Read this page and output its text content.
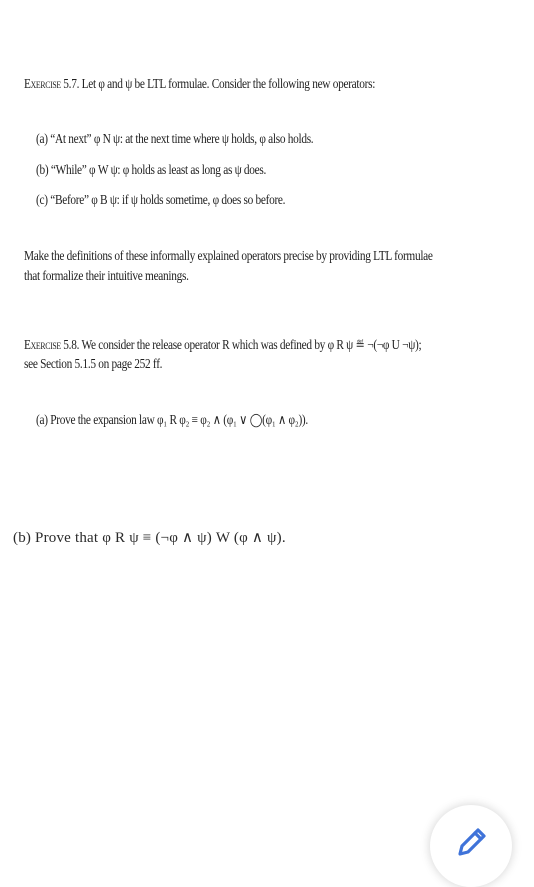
Exercise 5.7. Let φ and ψ be LTL formulae. Consider the following new operators:
(a) “At next” φ N ψ: at the next time where ψ holds, φ also holds.
(b) “While” φ W ψ: φ holds as least as long as ψ does.
(c) “Before” φ B ψ: if ψ holds sometime, φ does so before.
Make the definitions of these informally explained operators precise by providing LTL formulae
that formalize their intuitive meanings.
Exercise 5.8. We consider the release operator R which was defined by φ R ψ ≝ ¬(¬φ U ¬ψ);
see Section 5.1.5 on page 252 ff.
(a) Prove the expansion law φ₁ R φ₂ ≡ φ₂ ∧ (φ₁ ∨ ◯(φ₁ ∧ φ₂)).
(b) Prove that φ R ψ ≡ (¬φ ∧ ψ) W (φ ∧ ψ).
